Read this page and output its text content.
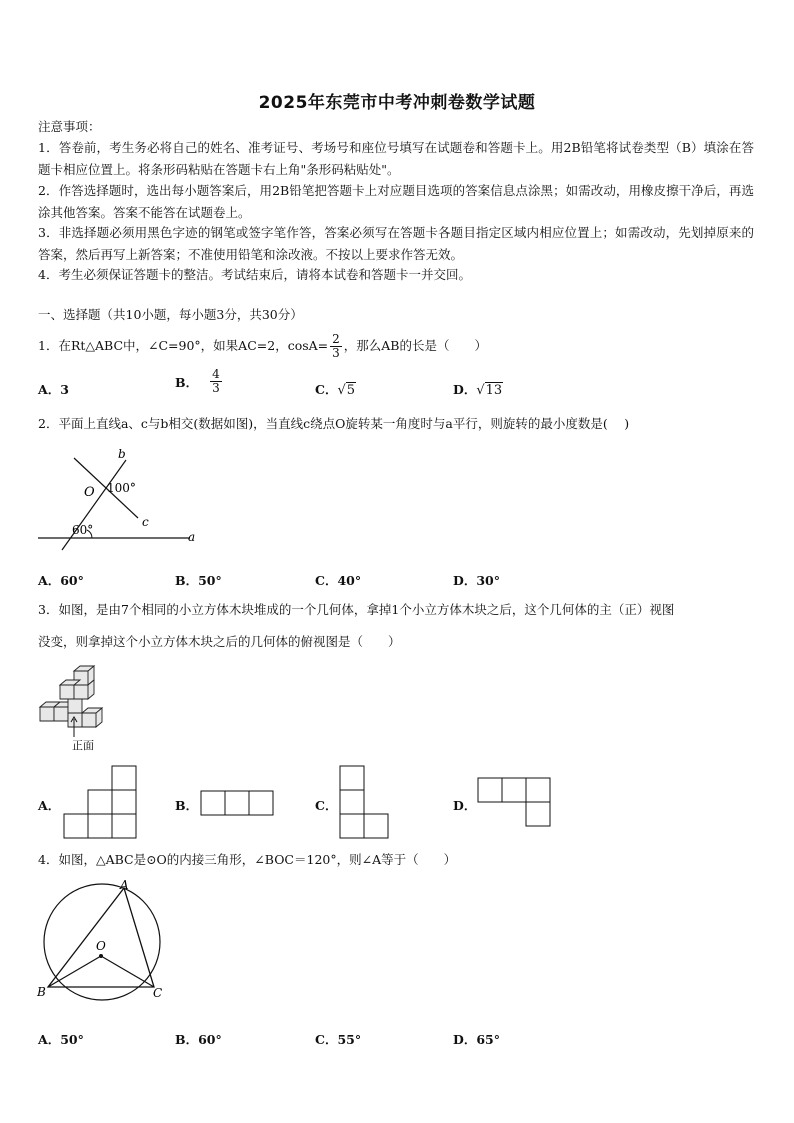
2025年东莞市中考冲刺卷数学试题
注意事项：
1．答卷前，考生务必将自己的姓名、准考证号、考场号和座位号填写在试题卷和答题卡上。用2B铅笔将试卷类型（B）填涂在答题卡相应位置上。将条形码粘贴在答题卡右上角"条形码粘贴处"。
2．作答选择题时，选出每小题答案后，用2B铅笔把答题卡上对应题目选项的答案信息点涂黑；如需改动，用橡皮擦干净后，再选涂其他答案。答案不能答在试题卷上。
3．非选择题必须用黑色字迹的钢笔或签字笔作答，答案必须写在答题卡各题目指定区域内相应位置上；如需改动，先划掉原来的答案，然后再写上新答案；不准使用铅笔和涂改液。不按以上要求作答无效。
4．考生必须保证答题卡的整洁。考试结束后，请将本试卷和答题卡一并交回。
一、选择题（共10小题，每小题3分，共30分）
1．在Rt△ABC中，∠C=90°，如果AC=2，$\cos A= \frac{2}{3}$ ，那么AB的长是（　　）
A．3	B． $\frac{4}{3}$	C．√5	D．√13
2．平面上直线a、c与b相交(数据如图)，当直线c绕点O旋转某一角度时与a平行，则旋转的最小度数是(　 )
b
O 100°
c
60°	a
A．60°	B．50°	C．40°	D．30°
3．如图，是由7个相同的小立方体木块堆成的一个几何体，拿掉1个小立方体木块之后，这个几何体的主（正）视图
没变，则拿掉这个小立方体木块之后的几何体的俯视图是（　　）
正面
A．	B．	C．	D．
4．如图，△ABC是⊙O的内接三角形，∠BOC＝120°，则∠A等于（　　）
A
O
B	C
A．50°	B．60°	C．55°	D．65°
